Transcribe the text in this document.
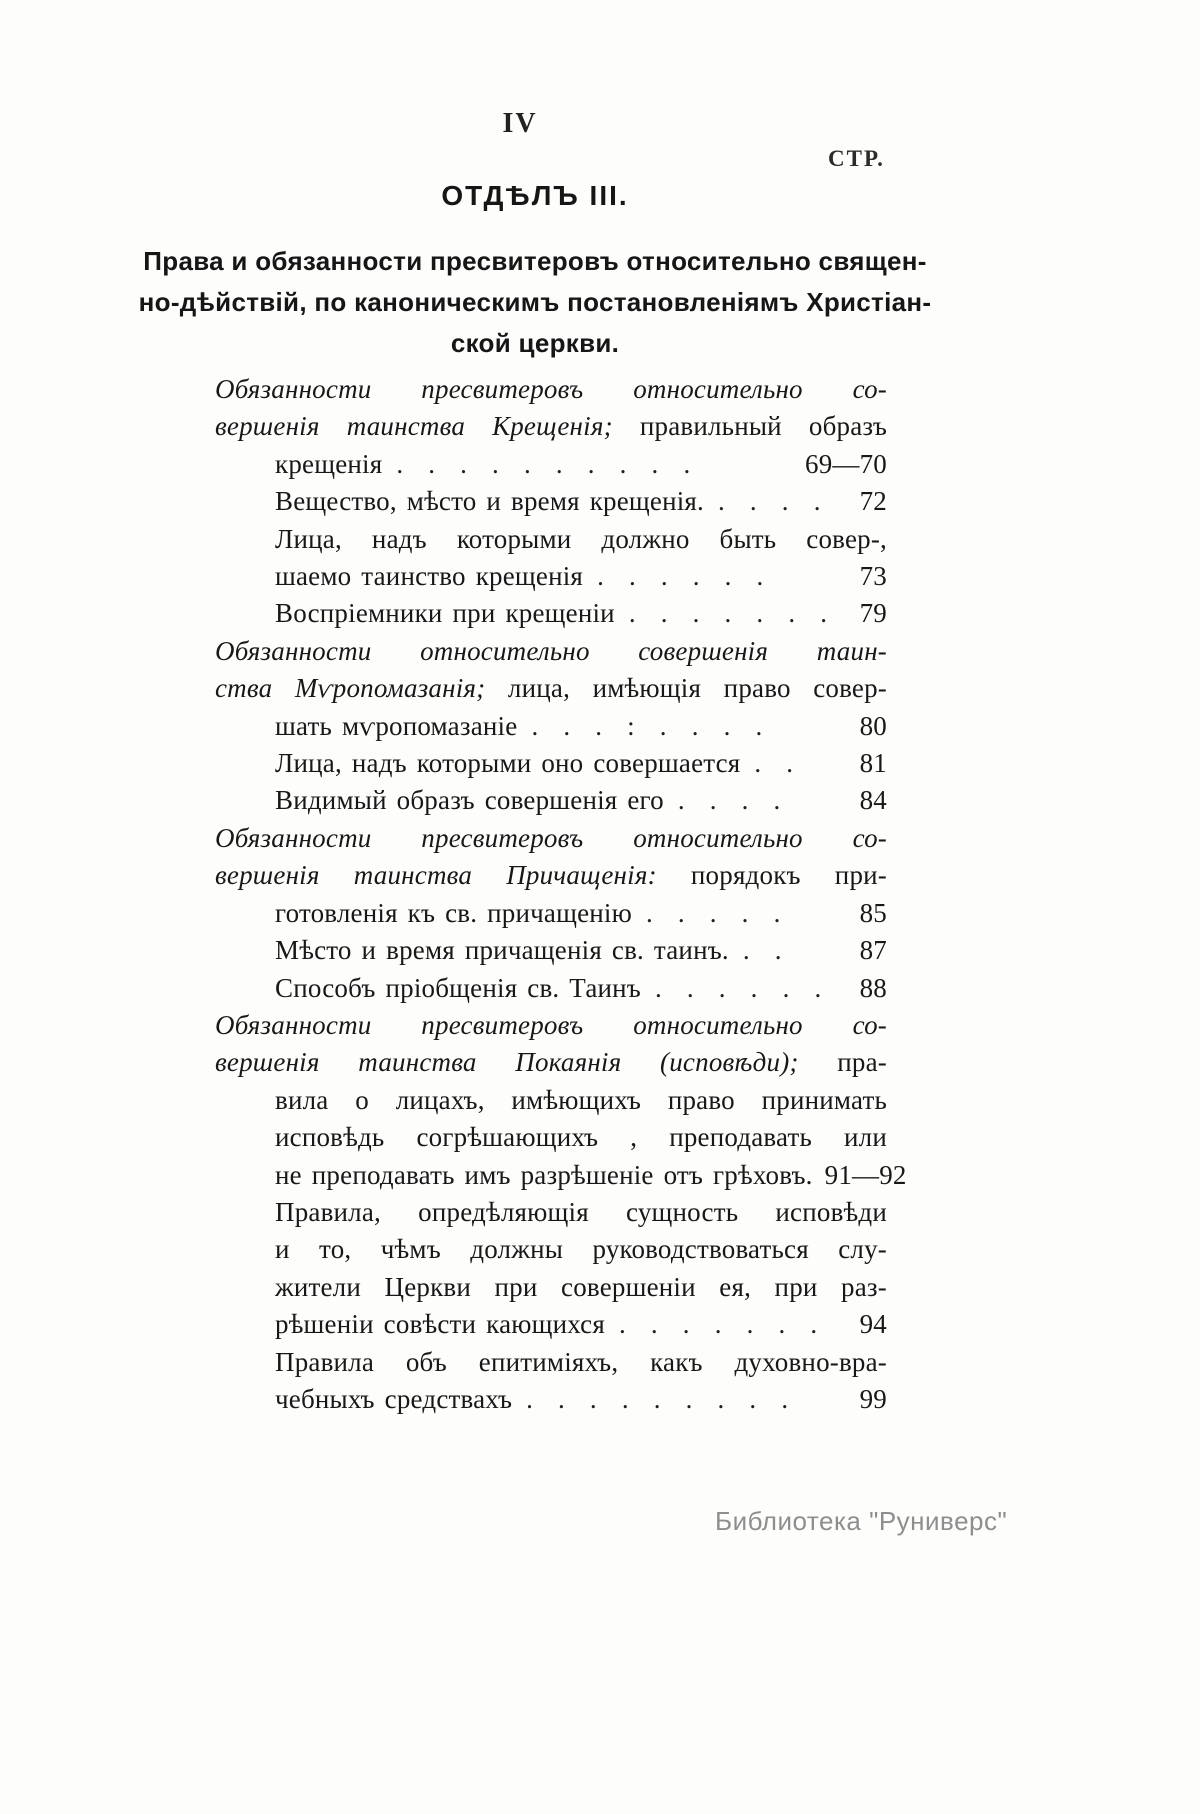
IV
СТР.
ОТДѢЛЪ III.
Права и обязанности пресвитеровъ относительно священ-
но-дѣйствій, по каноническимъ постановленіямъ Христіан-
ской церкви.
Обязанности пресвитеровъ относительно со-
вершенія таинства Крещенія; правильный образъ
крещенія . . . . . . . . . .	69—70
Вещество, мѣсто и время крещенія. . . . .	72
Лица, надъ которыми должно быть совер-,
шаемо таинство крещенія . . . . . .	73
Воспріемники при крещеніи . . . . . . .	79
Обязанности относительно совершенія таин-
ства Мѵропомазанія; лица, имѣющія право совер-
шать мѵропомазаніе . . . : . . . .	80
Лица, надъ которыми оно совершается . .	81
Видимый образъ совершенія его . . . .	84
Обязанности пресвитеровъ относительно со-
вершенія таинства Причащенія: порядокъ при-
готовленія къ св. причащенію . . . . .	85
Мѣсто и время причащенія св. таинъ. . .	87
Способъ пріобщенія св. Таинъ . . . . . .	88
Обязанности пресвитеровъ относительно со-
вершенія таинства Покаянія (исповѣди); пра-
вила о лицахъ, имѣющихъ право принимать
исповѣдь согрѣшающихъ , преподавать или
не преподавать имъ разрѣшеніе отъ грѣховъ. 91—92
Правила, опредѣляющія сущность исповѣди
и то, чѣмъ должны руководствоваться слу-
жители Церкви при совершеніи ея, при раз-
рѣшеніи совѣсти кающихся . . . . . . .	94
Правила объ епитиміяхъ, какъ духовно-вра-
чебныхъ средствахъ . . . . . . . . .	99
Библиотека "Руниверс"
